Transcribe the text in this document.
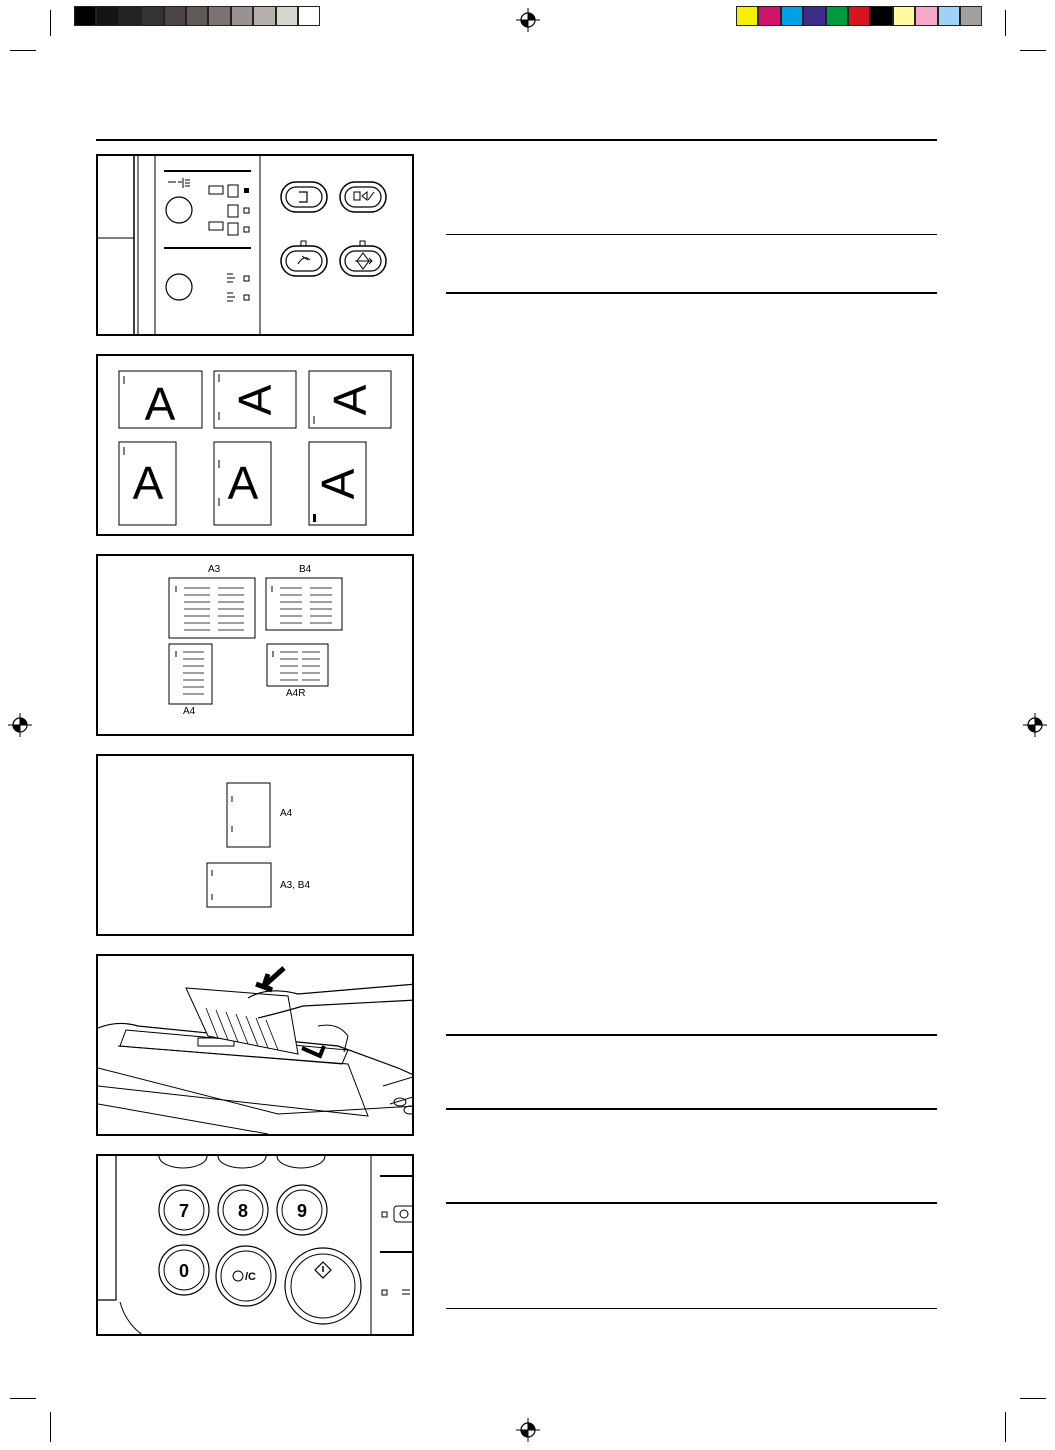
A A A
A A A
A3	B4
A4
A4R
A4
A3, B4
7	8	9
0	/C
